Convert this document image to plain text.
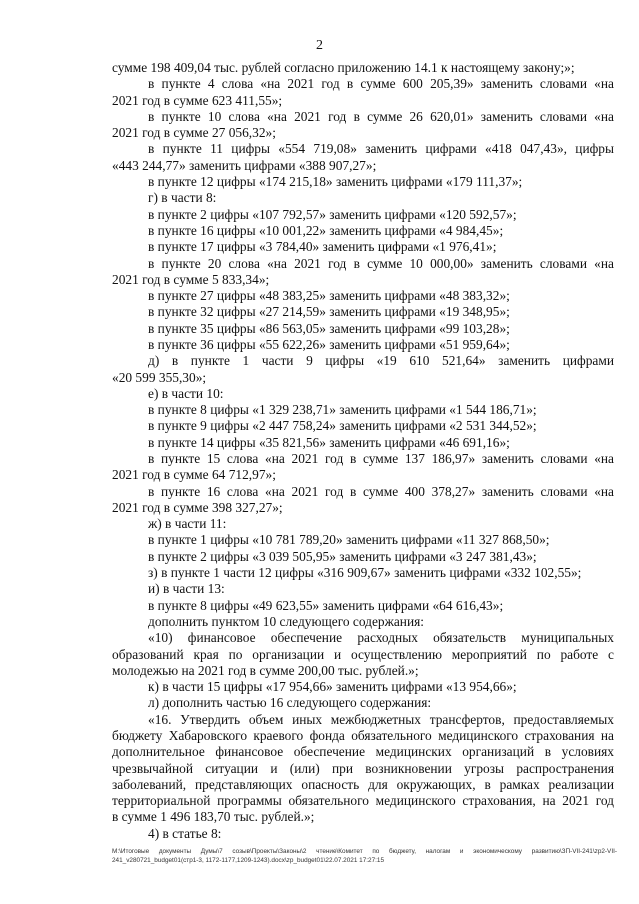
2
сумме 198 409,04 тыс. рублей согласно приложению 14.1 к настоящему закону;»;
в пункте 4 слова «на 2021 год в сумме 600 205,39» заменить словами «на
2021 год в сумме 623 411,55»;
в пункте 10 слова «на 2021 год в сумме 26 620,01» заменить словами «на
2021 год в сумме 27 056,32»;
в пункте 11 цифры «554 719,08» заменить цифрами «418 047,43», цифры
«443 244,77» заменить цифрами «388 907,27»;
в пункте 12 цифры «174 215,18» заменить цифрами «179 111,37»;
г) в части 8:
в пункте 2 цифры «107 792,57» заменить цифрами «120 592,57»;
в пункте 16 цифры «10 001,22» заменить цифрами «4 984,45»;
в пункте 17 цифры «3 784,40» заменить цифрами «1 976,41»;
в пункте 20 слова «на 2021 год в сумме 10 000,00» заменить словами «на
2021 год в сумме 5 833,34»;
в пункте 27 цифры «48 383,25» заменить цифрами «48 383,32»;
в пункте 32 цифры «27 214,59» заменить цифрами «19 348,95»;
в пункте 35 цифры «86 563,05» заменить цифрами «99 103,28»;
в пункте 36 цифры «55 622,26» заменить цифрами «51 959,64»;
д) в пункте 1 части 9 цифры «19 610 521,64» заменить цифрами
«20 599 355,30»;
е) в части 10:
в пункте 8 цифры «1 329 238,71» заменить цифрами «1 544 186,71»;
в пункте 9 цифры «2 447 758,24» заменить цифрами «2 531 344,52»;
в пункте 14 цифры «35 821,56» заменить цифрами «46 691,16»;
в пункте 15 слова «на 2021 год в сумме 137 186,97» заменить словами «на
2021 год в сумме 64 712,97»;
в пункте 16 слова «на 2021 год в сумме 400 378,27» заменить словами «на
2021 год в сумме 398 327,27»;
ж) в части 11:
в пункте 1 цифры «10 781 789,20» заменить цифрами «11 327 868,50»;
в пункте 2 цифры «3 039 505,95» заменить цифрами «3 247 381,43»;
з) в пункте 1 части 12 цифры «316 909,67» заменить цифрами «332 102,55»;
и) в части 13:
в пункте 8 цифры «49 623,55» заменить цифрами «64 616,43»;
дополнить пунктом 10 следующего содержания:
«10) финансовое обеспечение расходных обязательств муниципальных
образований края по организации и осуществлению мероприятий по работе с
молодежью на 2021 год в сумме 200,00 тыс. рублей.»;
к) в части 15 цифры «17 954,66» заменить цифрами «13 954,66»;
л) дополнить частью 16 следующего содержания:
«16. Утвердить объем иных межбюджетных трансфертов, предоставляемых
бюджету Хабаровского краевого фонда обязательного медицинского страхования на
дополнительное финансовое обеспечение медицинских организаций в условиях
чрезвычайной ситуации и (или) при возникновении угрозы распространения
заболеваний, представляющих опасность для окружающих, в рамках реализации
территориальной программы обязательного медицинского страхования, на 2021 год
в сумме 1 496 183,70 тыс. рублей.»;
4) в статье 8:
M:\Итоговые документы Думы\7 созыв\Проекты\Законы\2 чтение\Комитет по бюджету, налогам и экономическому развитию\ЗП-VII-241\zp2-VII-
241_v280721_budget01(стр1-3, 1172-1177,1209-1243).docx\zp_budget01\22.07.2021 17:27:15
